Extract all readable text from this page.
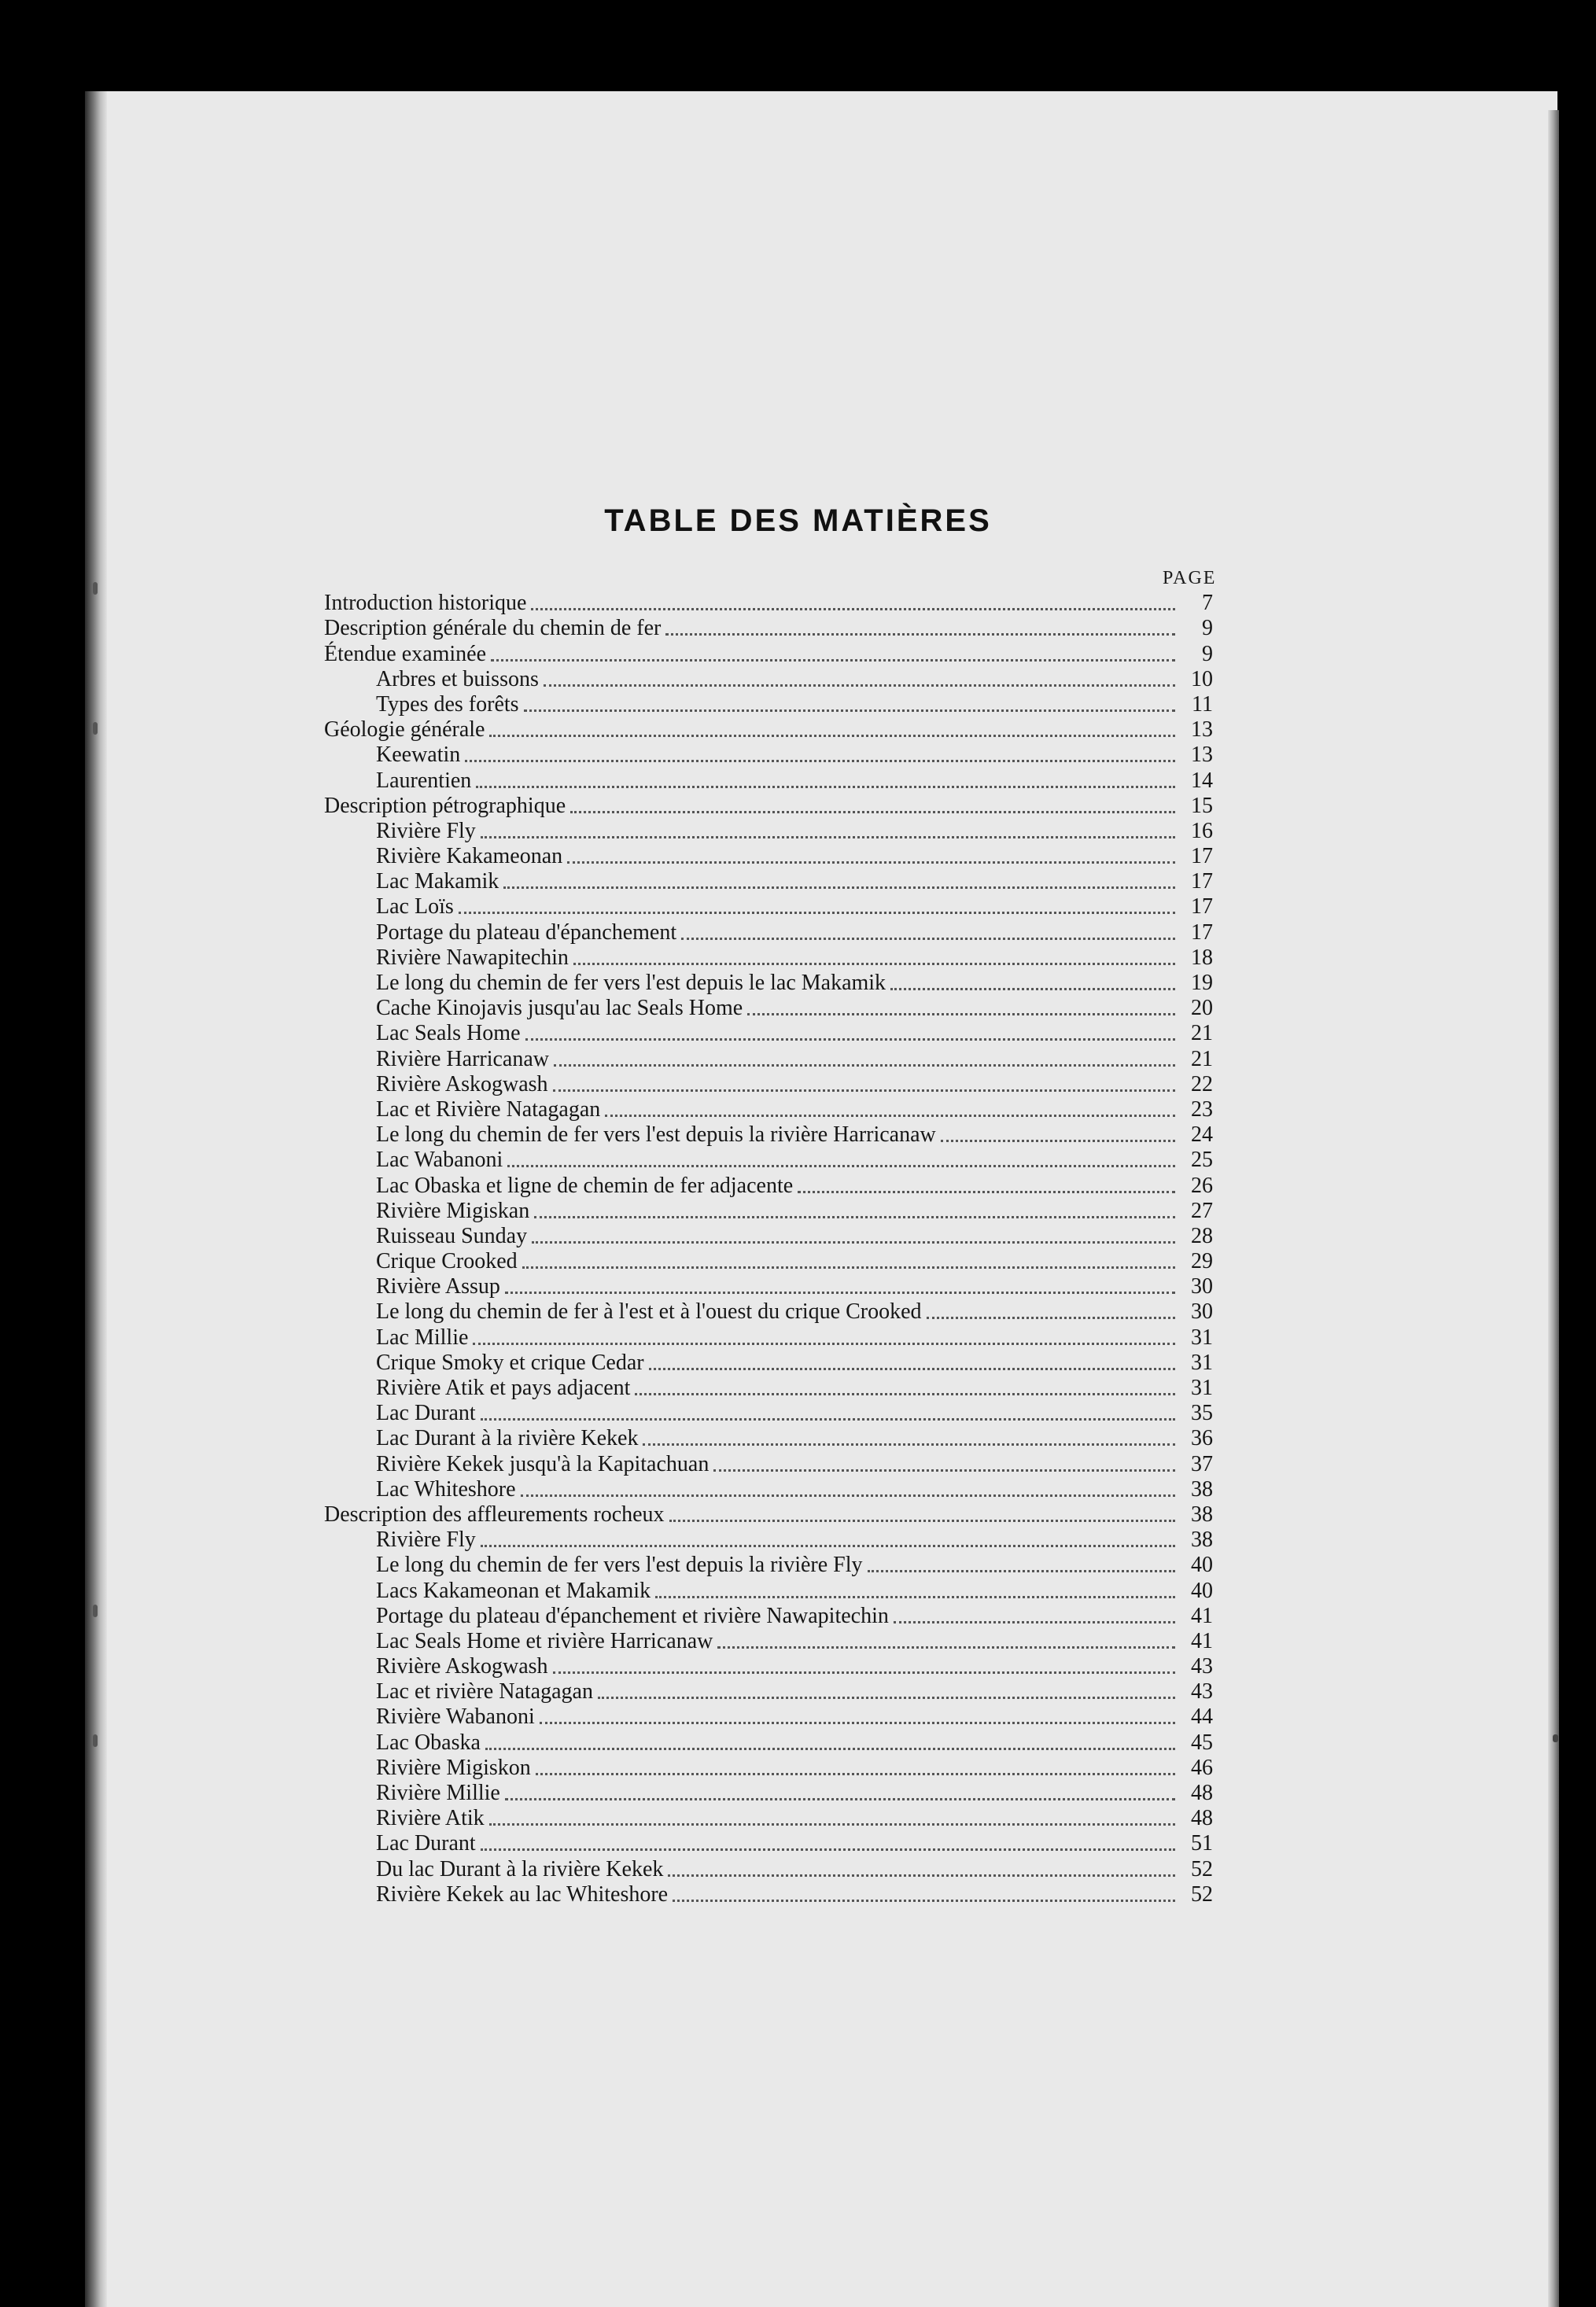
TABLE DES MATIÈRES
PAGE
Introduction historique	7
Description générale du chemin de fer	9
Étendue examinée	9
Arbres et buissons	10
Types des forêts	11
Géologie générale	13
Keewatin	13
Laurentien	14
Description pétrographique	15
Rivière Fly	16
Rivière Kakameonan	17
Lac Makamik	17
Lac Loïs	17
Portage du plateau d'épanchement	17
Rivière Nawapitechin	18
Le long du chemin de fer vers l'est depuis le lac Makamik	19
Cache Kinojavis jusqu'au lac Seals Home	20
Lac Seals Home	21
Rivière Harricanaw	21
Rivière Askogwash	22
Lac et Rivière Natagagan	23
Le long du chemin de fer vers l'est depuis la rivière Harricanaw	24
Lac Wabanoni	25
Lac Obaska et ligne de chemin de fer adjacente	26
Rivière Migiskan	27
Ruisseau Sunday	28
Crique Crooked	29
Rivière Assup	30
Le long du chemin de fer à l'est et à l'ouest du crique Crooked	30
Lac Millie	31
Crique Smoky et crique Cedar	31
Rivière Atik et pays adjacent	31
Lac Durant	35
Lac Durant à la rivière Kekek	36
Rivière Kekek jusqu'à la Kapitachuan	37
Lac Whiteshore	38
Description des affleurements rocheux	38
Rivière Fly	38
Le long du chemin de fer vers l'est depuis la rivière Fly	40
Lacs Kakameonan et Makamik	40
Portage du plateau d'épanchement et rivière Nawapitechin	41
Lac Seals Home et rivière Harricanaw	41
Rivière Askogwash	43
Lac et rivière Natagagan	43
Rivière Wabanoni	44
Lac Obaska	45
Rivière Migiskon	46
Rivière Millie	48
Rivière Atik	48
Lac Durant	51
Du lac Durant à la rivière Kekek	52
Rivière Kekek au lac Whiteshore	52
